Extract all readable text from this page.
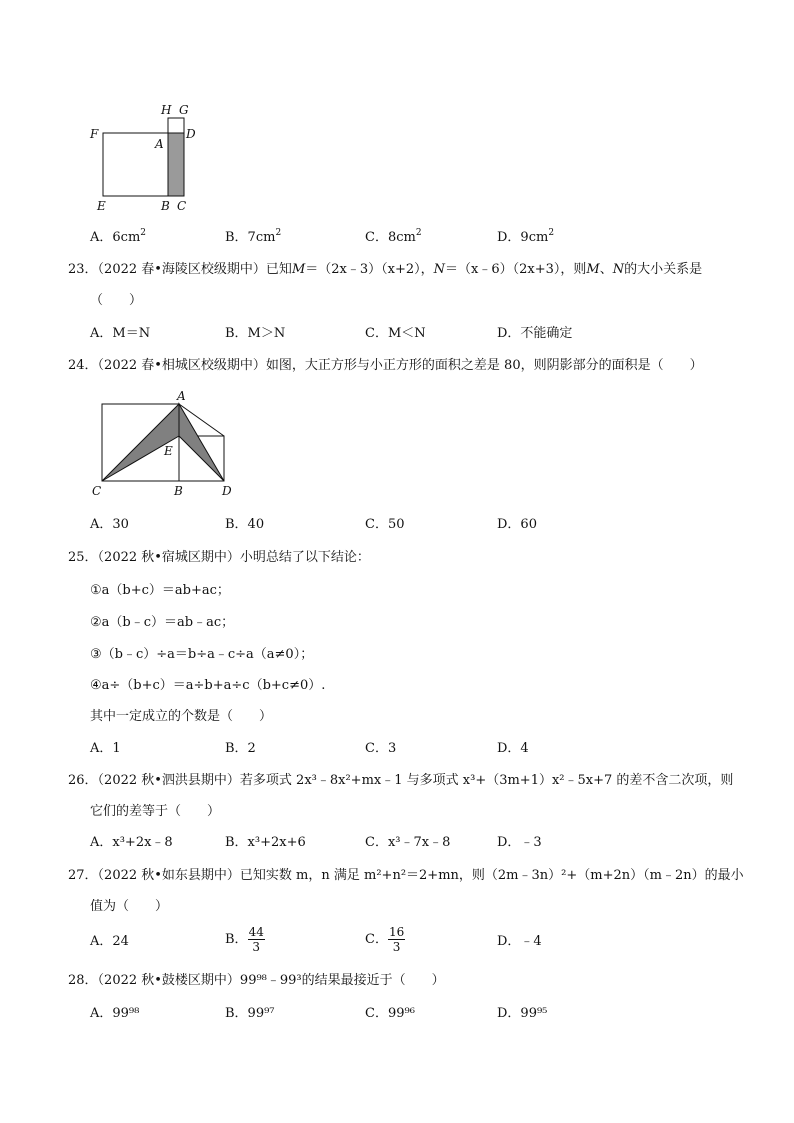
H G
F
A
D
E	B C
A．$6cm^2$	B．$7cm^2$	C．$8cm^2$	D．$9cm^2$
23．（2022 春•海陵区校级期中）已知M＝（2x﹣3）（x+2），N＝（x﹣6）（2x+3），则M、N的大小关系是
（　　）
A．M＝N	B．M＞N	C．M＜N	D．不能确定
24．（2022 春•相城区校级期中）如图，大正方形与小正方形的面积之差是 80，则阴影部分的面积是（　　）
A
E
C	B	D
A．30	B．40	C．50	D．60
25．（2022 秋•宿城区期中）小明总结了以下结论：
①a（b+c）＝ab+ac；
②a（b﹣c）＝ab﹣ac；
③（b﹣c）÷a＝b÷a﹣c÷a（a≠0）；
④a÷（b+c）＝a÷b+a÷c（b+c≠0）.
其中一定成立的个数是（　　）
A．1	B．2	C．3	D．4
26．（2022 秋•泗洪县期中）若多项式 2x³﹣8x²+mx﹣1 与多项式 x³+（3m+1）x²﹣5x+7 的差不含二次项，则
它们的差等于（　　）
A．x³+2x﹣8	B．x³+2x+6	C．x³﹣7x﹣8	D．﹣3
27．（2022 秋•如东县期中）已知实数 m，n 满足 m²+n²＝2+mn，则（2m﹣3n）²+（m+2n）（m﹣2n）的最小
值为（　　）
A．24	B． $\frac{44}{3}$	C． $\frac{16}{3}$	D．﹣4
28．（2022 秋•鼓楼区期中）99⁹⁸﹣99³的结果最接近于（　　）
A．99⁹⁸	B．99⁹⁷	C．99⁹⁶	D．99⁹⁵
